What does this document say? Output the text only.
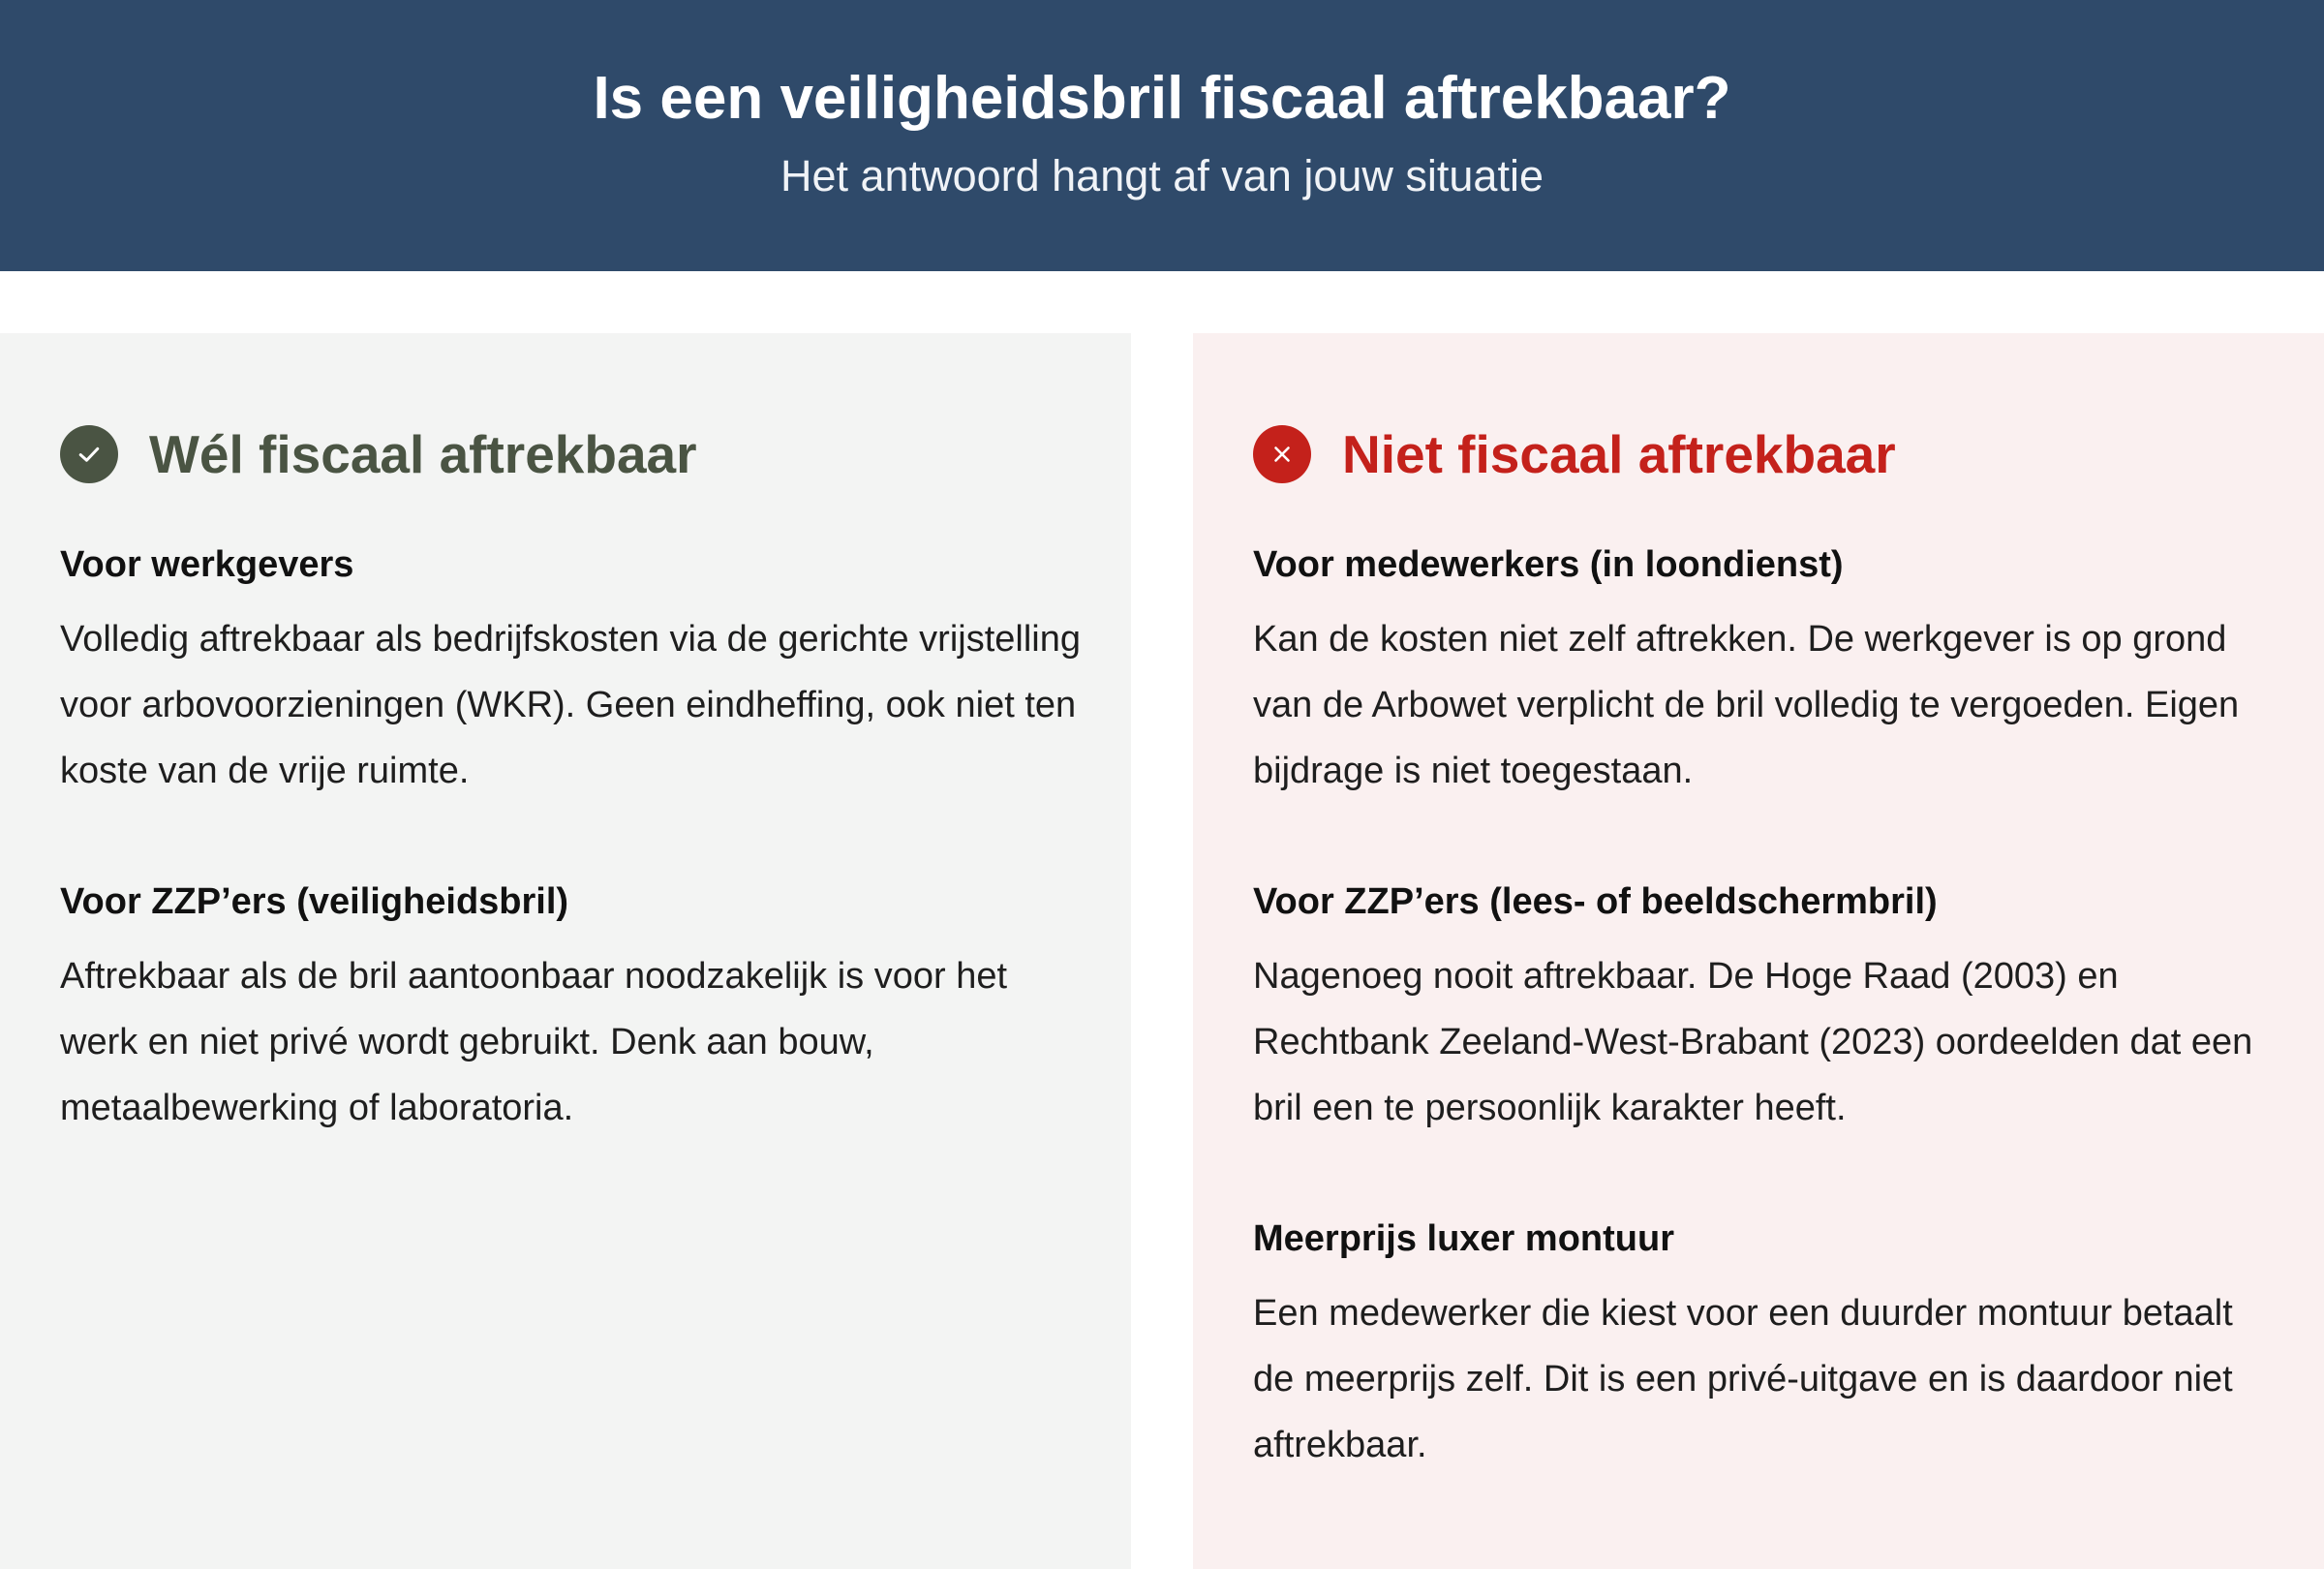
Is een veiligheidsbril fiscaal aftrekbaar?
Het antwoord hangt af van jouw situatie
Wél fiscaal aftrekbaar

Voor werkgevers

Volledig aftrekbaar als bedrijfskosten via de gerichte vrijstelling voor arbovoorzieningen (WKR). Geen eindheffing, ook niet ten koste van de vrije ruimte.

Voor ZZP’ers (veiligheidsbril)

Aftrekbaar als de bril aantoonbaar noodzakelijk is voor het werk en niet privé wordt gebruikt. Denk aan bouw, metaalbewerking of laboratoria.

Niet fiscaal aftrekbaar

Voor medewerkers (in loondienst)

Kan de kosten niet zelf aftrekken. De werkgever is op grond van de Arbowet verplicht de bril volledig te vergoeden. Eigen bijdrage is niet toegestaan.

Voor ZZP’ers (lees- of beeldschermbril)

Nagenoeg nooit aftrekbaar. De Hoge Raad (2003) en Rechtbank Zeeland-West-Brabant (2023) oordeelden dat een bril een te persoonlijk karakter heeft.

Meerprijs luxer montuur

Een medewerker die kiest voor een duurder montuur betaalt de meerprijs zelf. Dit is een privé-uitgave en is daardoor niet aftrekbaar.
